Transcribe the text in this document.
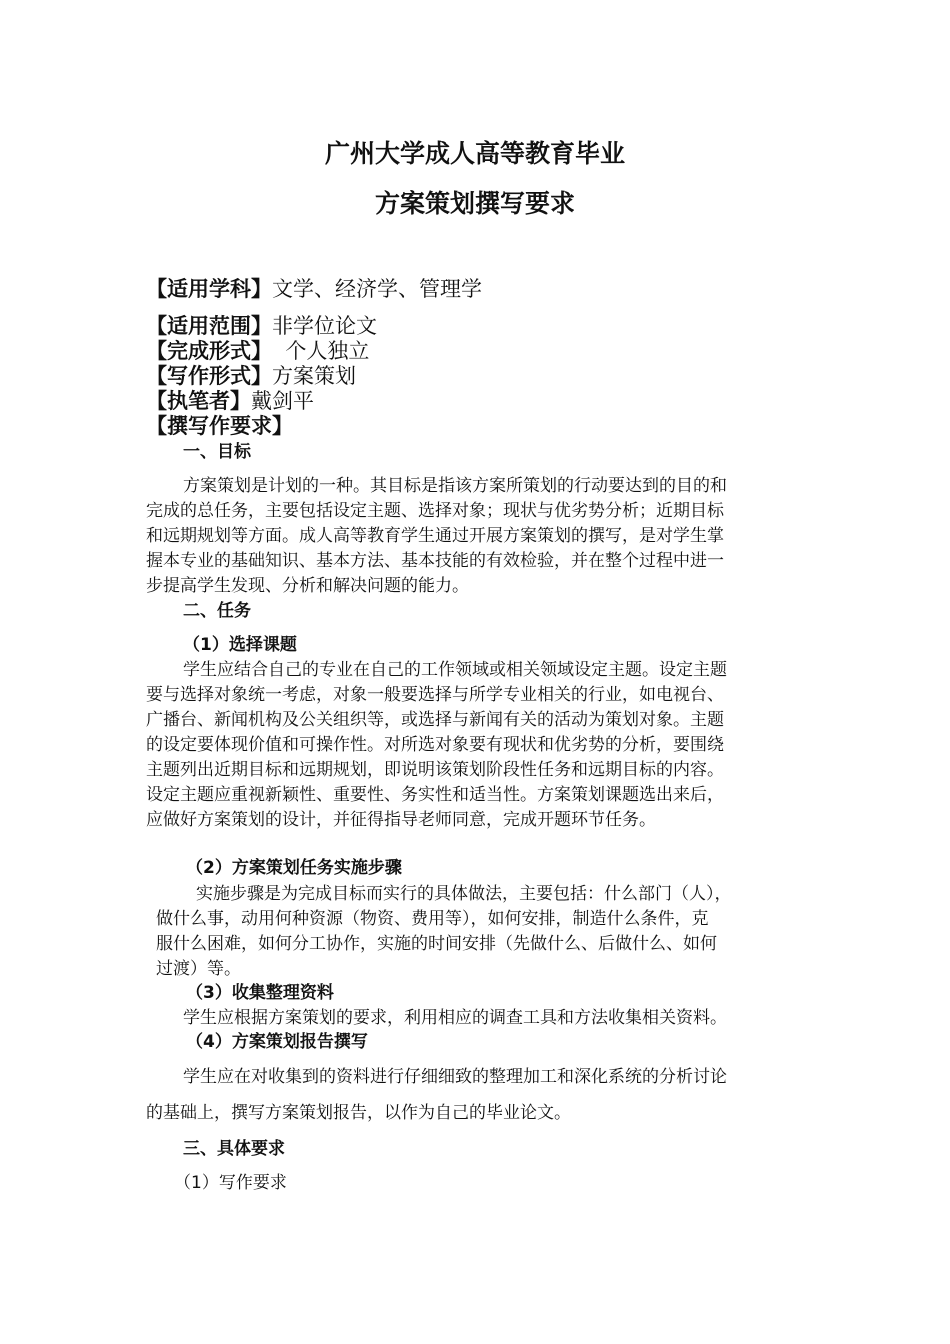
广州大学成人高等教育毕业
方案策划撰写要求
【适用学科】文学、经济学、管理学
【适用范围】非学位论文
【完成形式】  个人独立
【写作形式】方案策划
【执笔者】戴剑平
【撰写作要求】
一、目标
方案策划是计划的一种。其目标是指该方案所策划的行动要达到的目的和
完成的总任务，主要包括设定主题、选择对象；现状与优劣势分析；近期目标
和远期规划等方面。成人高等教育学生通过开展方案策划的撰写，是对学生掌
握本专业的基础知识、基本方法、基本技能的有效检验，并在整个过程中进一
步提高学生发现、分析和解决问题的能力。
二、任务
（1）选择课题
学生应结合自己的专业在自己的工作领域或相关领域设定主题。设定主题
要与选择对象统一考虑，对象一般要选择与所学专业相关的行业，如电视台、
广播台、新闻机构及公关组织等，或选择与新闻有关的活动为策划对象。主题
的设定要体现价值和可操作性。对所选对象要有现状和优劣势的分析，要围绕
主题列出近期目标和远期规划，即说明该策划阶段性任务和远期目标的内容。
设定主题应重视新颖性、重要性、务实性和适当性。方案策划课题选出来后，
应做好方案策划的设计，并征得指导老师同意，完成开题环节任务。
（2）方案策划任务实施步骤
实施步骤是为完成目标而实行的具体做法，主要包括：什么部门（人），
做什么事，动用何种资源（物资、费用等），如何安排，制造什么条件，克
服什么困难，如何分工协作，实施的时间安排（先做什么、后做什么、如何
过渡）等。
（3）收集整理资料
学生应根据方案策划的要求，利用相应的调查工具和方法收集相关资料。
（4）方案策划报告撰写
学生应在对收集到的资料进行仔细细致的整理加工和深化系统的分析讨论
的基础上，撰写方案策划报告，以作为自己的毕业论文。
三、具体要求
（1）写作要求
